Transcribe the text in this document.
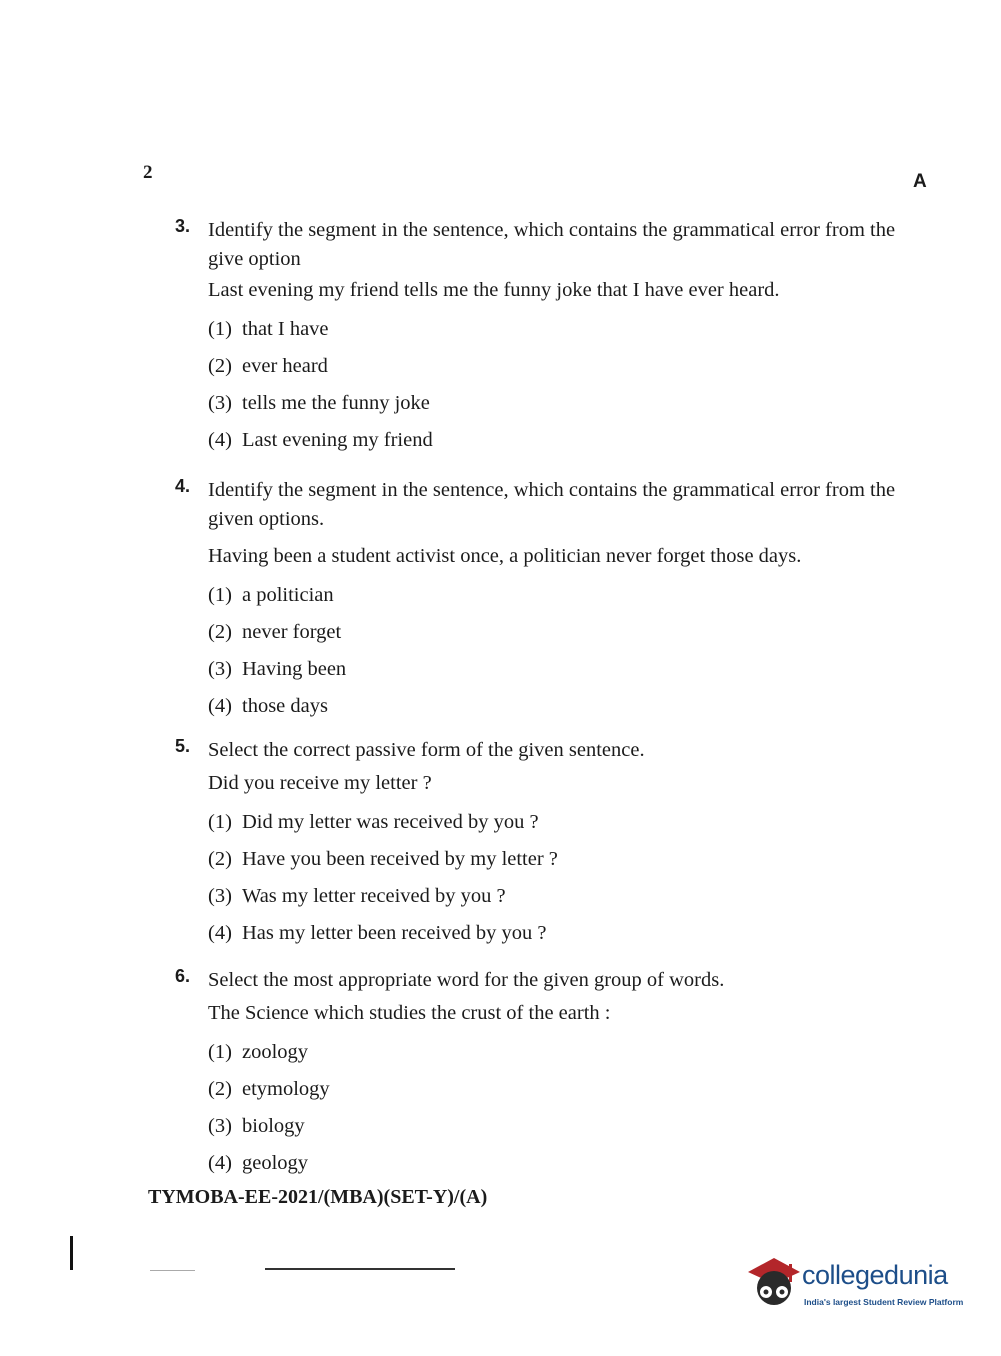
2	A
3. Identify the segment in the sentence, which contains the grammatical error from the give option
Last evening my friend tells me the funny joke that I have ever heard.
(1) that I have
(2) ever heard
(3) tells me the funny joke
(4) Last evening my friend
4. Identify the segment in the sentence, which contains the grammatical error from the given options.
Having been a student activist once, a politician never forget those days.
(1) a politician
(2) never forget
(3) Having been
(4) those days
5. Select the correct passive form of the given sentence.
Did you receive my letter ?
(1) Did my letter was received by you ?
(2) Have you been received by my letter ?
(3) Was my letter received by you ?
(4) Has my letter been received by you ?
6. Select the most appropriate word for the given group of words.
The Science which studies the crust of the earth :
(1) zoology
(2) etymology
(3) biology
(4) geology
TYMOBA-EE-2021/(MBA)(SET-Y)/(A)
collegedunia
India's largest Student Review Platform
